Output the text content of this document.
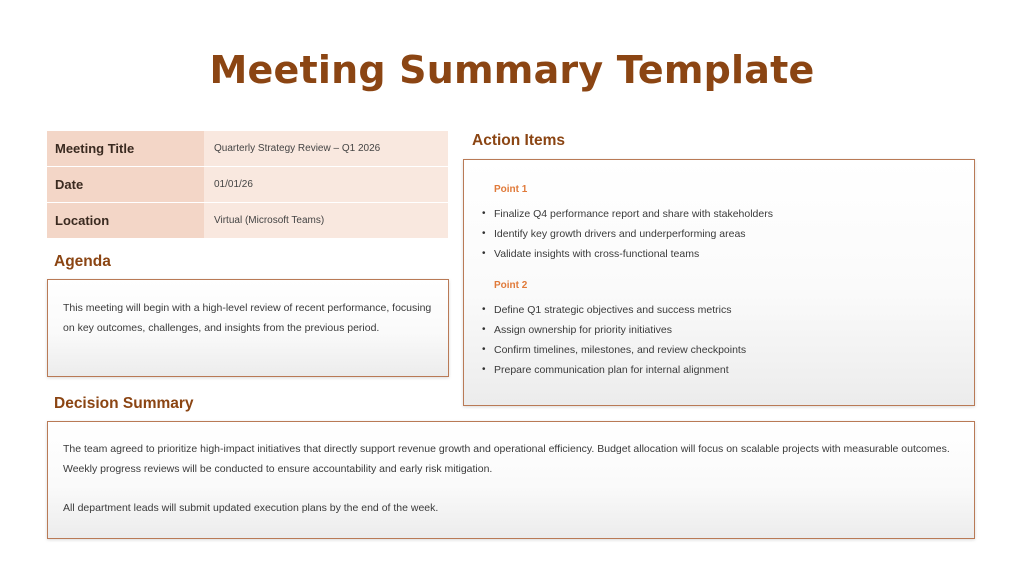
Meeting Summary Template
Meeting Title	Quarterly Strategy Review – Q1 2026
Date	01/01/26
Location	Virtual (Microsoft Teams)
Agenda

This meeting will begin with a high-level review of recent performance, focusing on key outcomes, challenges, and insights from the previous period.

Action Items
Point 1
• Finalize Q4 performance report and share with stakeholders
• Identify key growth drivers and underperforming areas
• Validate insights with cross-functional teams
Point 2
• Define Q1 strategic objectives and success metrics
• Assign ownership for priority initiatives
• Confirm timelines, milestones, and review checkpoints
• Prepare communication plan for internal alignment
Decision Summary

The team agreed to prioritize high-impact initiatives that directly support revenue growth and operational efficiency. Budget allocation will focus on scalable projects with measurable outcomes. Weekly progress reviews will be conducted to ensure accountability and early risk mitigation.

All department leads will submit updated execution plans by the end of the week.
